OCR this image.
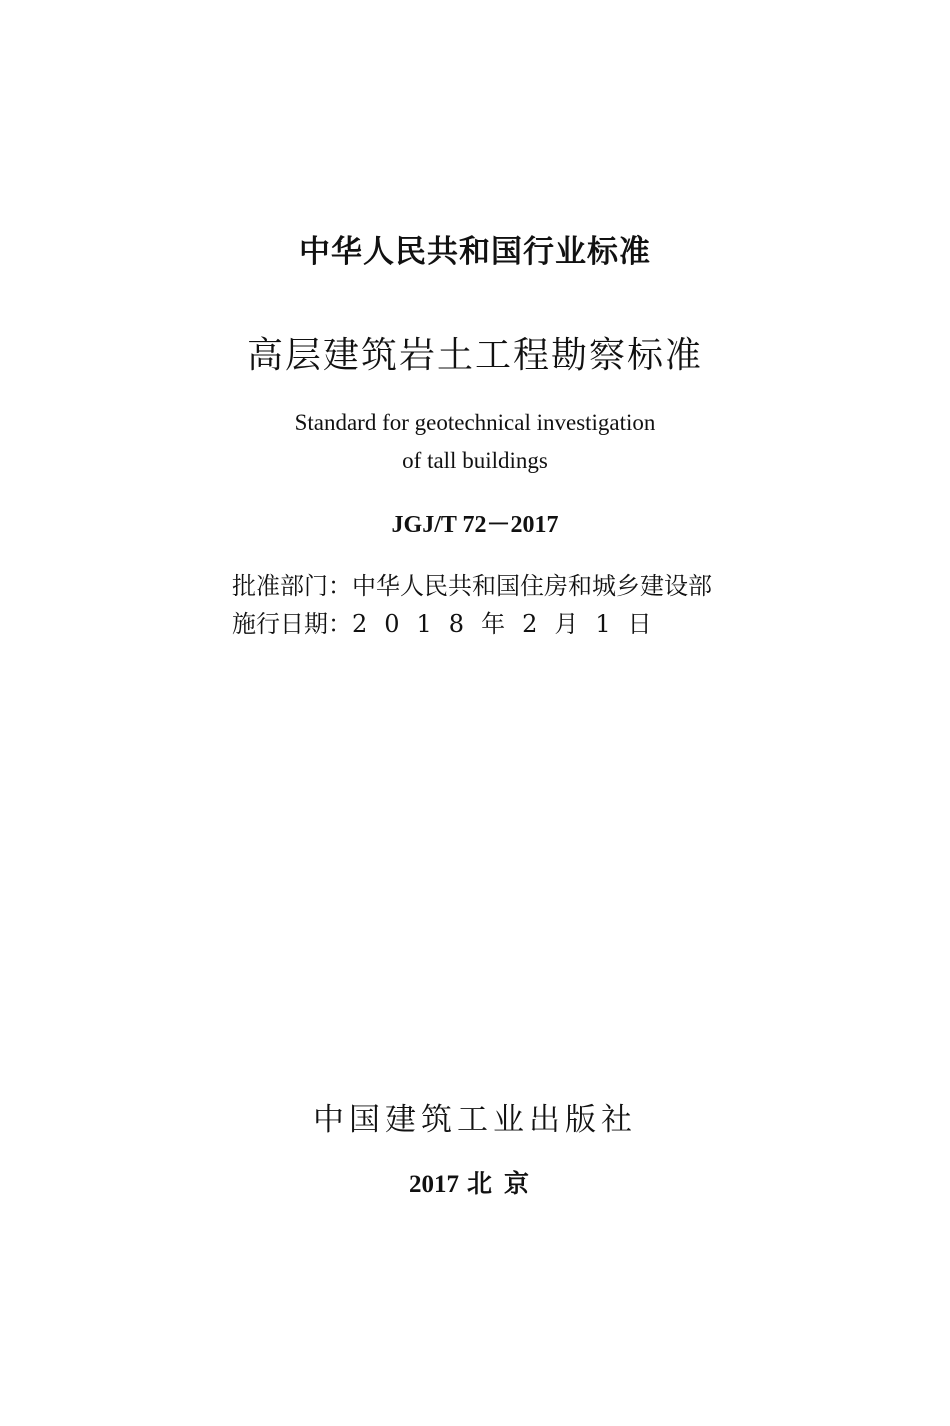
中华人民共和国行业标准
高层建筑岩土工程勘察标准
Standard for geotechnical investigation
of tall buildings
JGJ/T 72－2017
批准部门：中华人民共和国住房和城乡建设部
施行日期：2018年2月1日
中国建筑工业出版社
2017 北京
